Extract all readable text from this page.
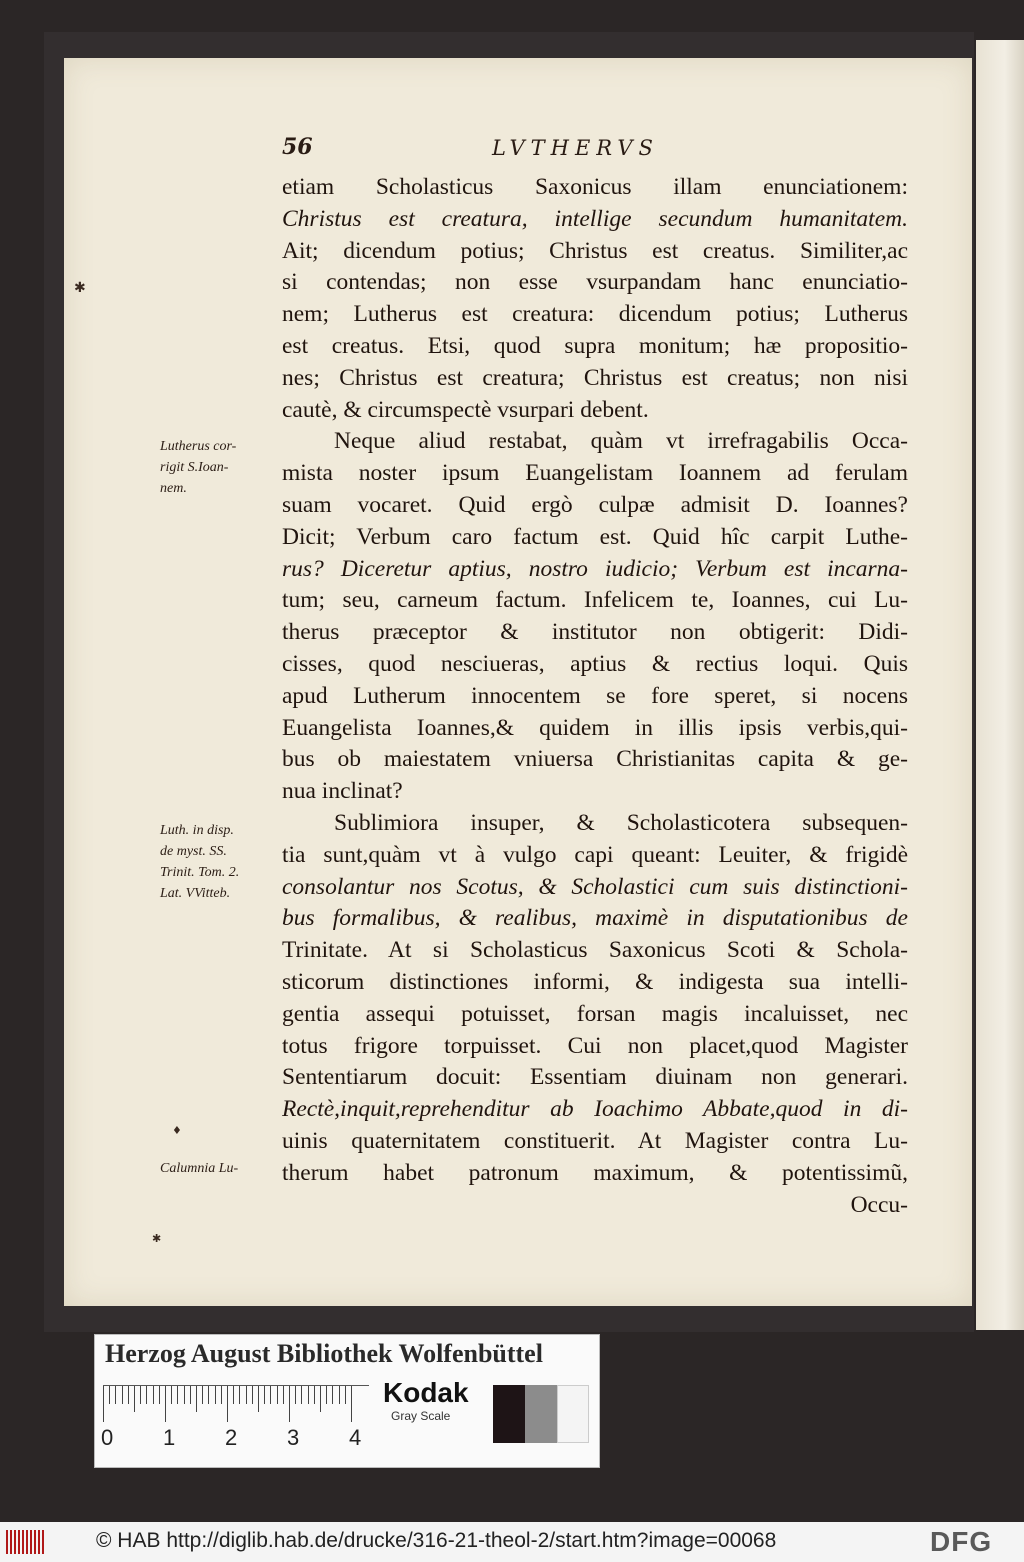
56	LVTHERVS
etiam Scholasticus Saxonicus illam enunciationem:
Christus est creatura, intellige secundum humanitatem.
Ait; dicendum potius; Christus est creatus. Similiter,ac
si contendas; non esse vsurpandam hanc enunciatio-
nem; Lutherus est creatura: dicendum potius; Lutherus
est creatus. Etsi, quod supra monitum; hæ propositio-
nes; Christus est creatura; Christus est creatus; non nisi
cautè, & circumspectè vsurpari debent.
Neque aliud restabat, quàm vt irrefragabilis Occa-
mista noster ipsum Euangelistam Ioannem ad ferulam
suam vocaret. Quid ergò culpæ admisit D. Ioannes?
Dicit; Verbum caro factum est. Quid hîc carpit Luthe-
rus? Diceretur aptius, nostro iudicio; Verbum est incarna-
tum; seu, carneum factum. Infelicem te, Ioannes, cui Lu-
therus præceptor & institutor non obtigerit: Didi-
cisses, quod nesciueras, aptius & rectius loqui. Quis
apud Lutherum innocentem se fore speret, si nocens
Euangelista Ioannes,& quidem in illis ipsis verbis,qui-
bus ob maiestatem vniuersa Christianitas capita & ge-
nua inclinat?
Sublimiora insuper, & Scholasticotera subsequen-
tia sunt,quàm vt à vulgo capi queant: Leuiter, & frigidè
consolantur nos Scotus, & Scholastici cum suis distinctioni-
bus formalibus, & realibus, maximè in disputationibus de
Trinitate. At si Scholasticus Saxonicus Scoti & Schola-
sticorum distinctiones informi, & indigesta sua intelli-
gentia assequi potuisset, forsan magis incaluisset, nec
totus frigore torpuisset. Cui non placet,quod Magister
Sententiarum docuit: Essentiam diuinam non generari.
Rectè,inquit,reprehenditur ab Ioachimo Abbate,quod in di-
uinis quaternitatem constituerit. At Magister contra Lu-
therum habet patronum maximum, & potentissimũ,
Occu-
Lutherus cor-
rigit S.Ioan-
nem.
Luth. in disp.
de myst. SS.
Trinit. Tom. 2.
Lat. VVitteb.
Calumnia Lu-
✱
♦
✱
Herzog August Bibliothek Wolfenbüttel
0 1 2 3 4
Kodak
Gray Scale
© HAB http://diglib.hab.de/drucke/316-21-theol-2/start.htm?image=00068	DFG
